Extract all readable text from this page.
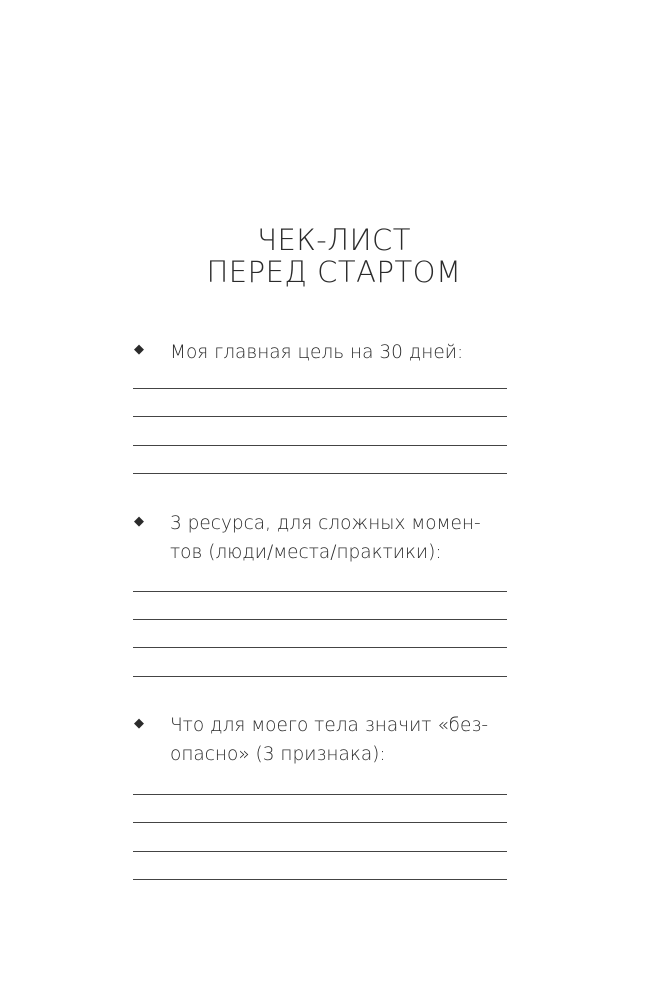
ЧЕК-ЛИСТ
ПЕРЕД СТАРТОМ
◆ Моя главная цель на 30 дней:
◆ 3 ресурса, для сложных момен-
тов (люди/места/практики):
◆ Что для моего тела значит «без-
опасно» (3 признака):
